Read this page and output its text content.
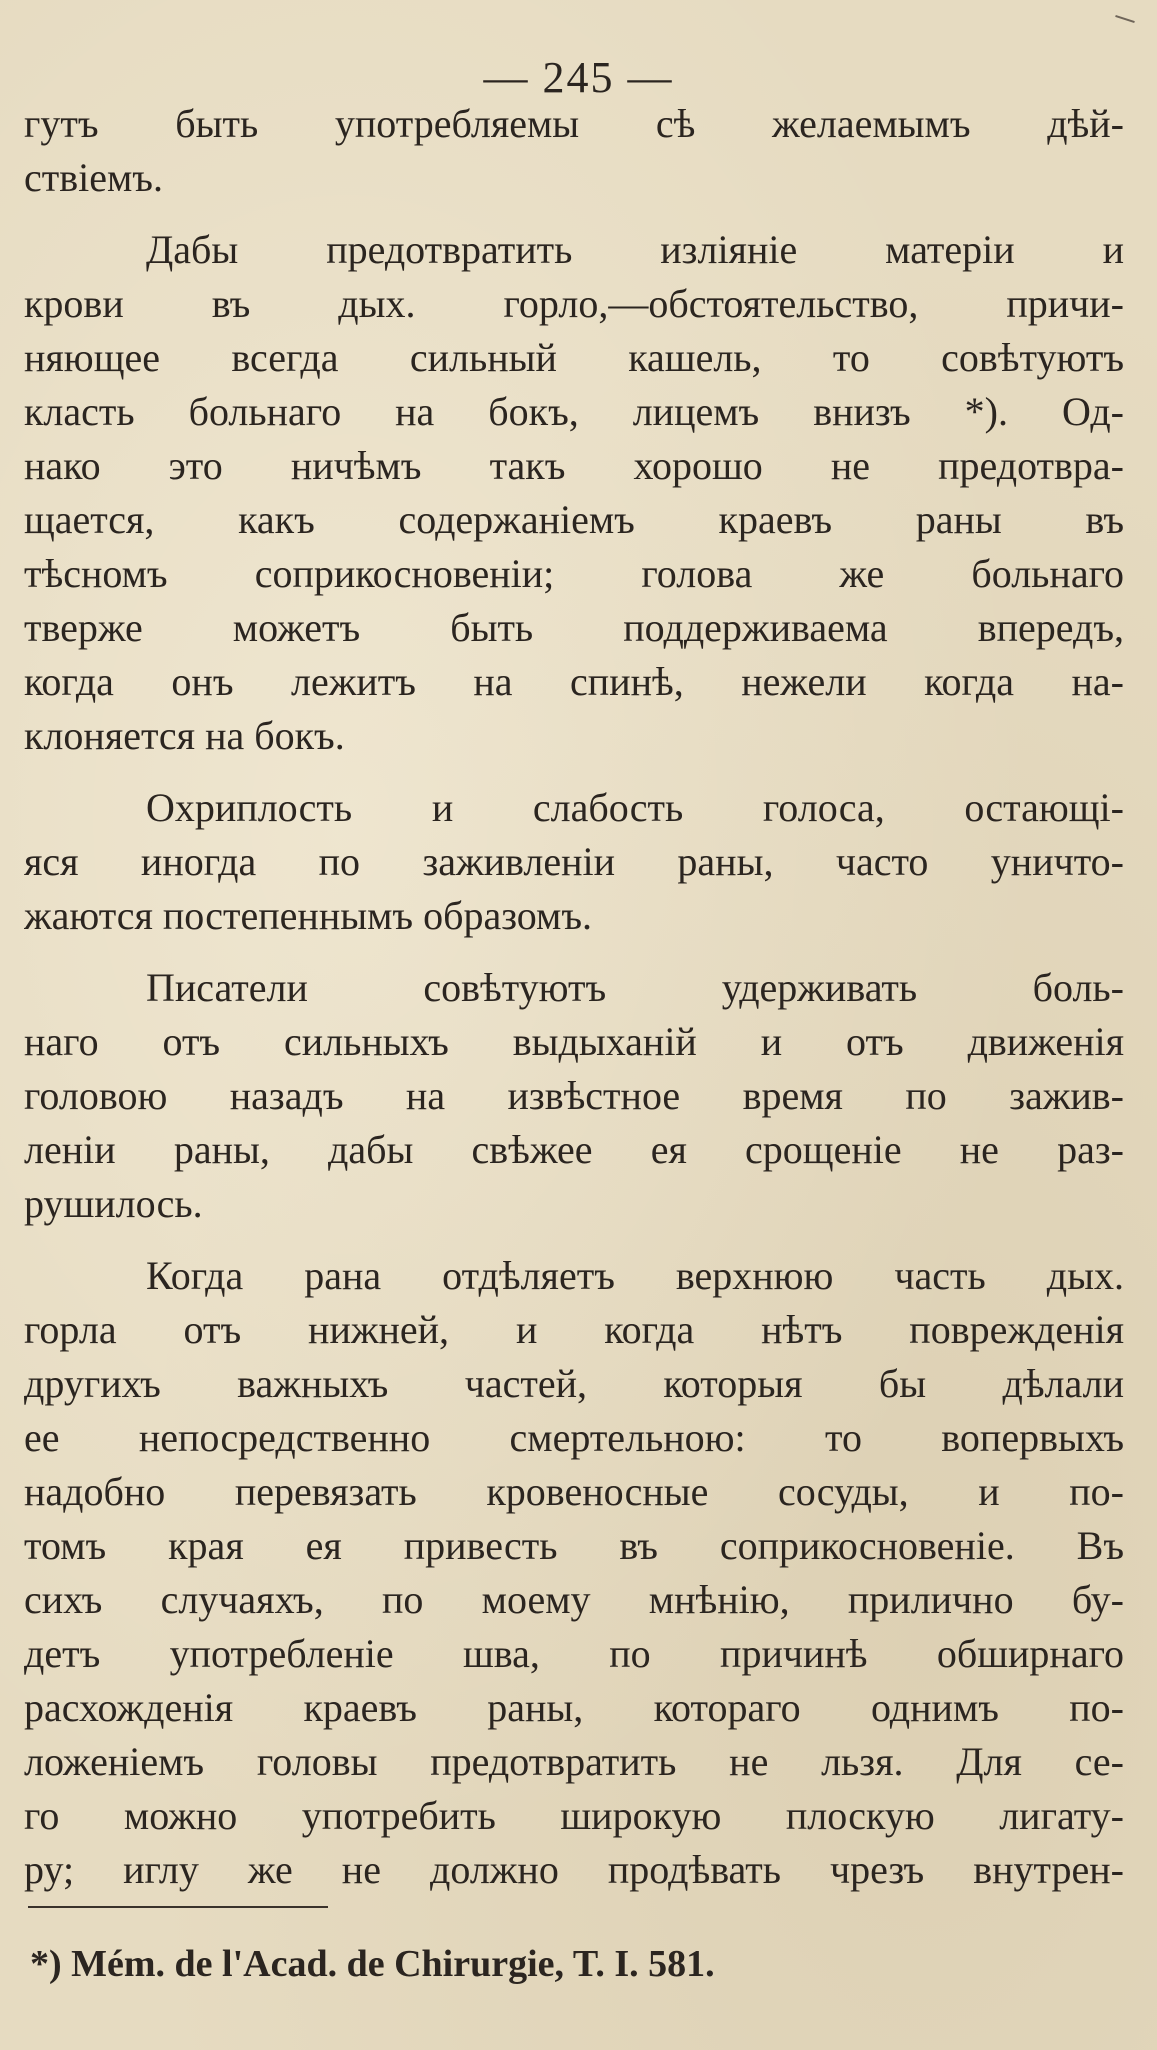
— 245 —
гутъ быть употребляемы сѣ желаемымъ дѣй-
ствіемъ.
Дабы предотвратить изліяніе матеріи и
крови въ дых. горло,—обстоятельство, причи-
няющее всегда сильный кашель, то совѣтуютъ
класть больнаго на бокъ, лицемъ внизъ *). Од-
нако это ничѣмъ такъ хорошо не предотвра-
щается, какъ содержаніемъ краевъ раны въ
тѣсномъ соприкосновеніи; голова же больнаго
тверже можетъ быть поддерживаема впередъ,
когда онъ лежитъ на спинѣ, нежели когда на-
клоняется на бокъ.
Охриплость и слабость голоса, остающі-
яся иногда по заживленіи раны, часто уничто-
жаются постепеннымъ образомъ.
Писатели совѣтуютъ удерживать боль-
наго отъ сильныхъ выдыханій и отъ движенія
головою назадъ на извѣстное время по зажив-
леніи раны, дабы свѣжее ея срощеніе не раз-
рушилось.
Когда рана отдѣляетъ верхнюю часть дых.
горла отъ нижней, и когда нѣтъ поврежденія
другихъ важныхъ частей, которыя бы дѣлали
ее непосредственно смертельною: то вопервыхъ
надобно перевязать кровеносные сосуды, и по-
томъ края ея привесть въ соприкосновеніе. Въ
сихъ случаяхъ, по моему мнѣнію, прилично бу-
детъ употребленіе шва, по причинѣ обширнаго
расхожденія краевъ раны, котораго однимъ по-
ложеніемъ головы предотвратить не льзя. Для се-
го можно употребить широкую плоскую лигату-
ру; иглу же не должно продѣвать чрезъ внутрен-
*) Mém. de l'Acad. de Chirurgie, T. I. 581.
